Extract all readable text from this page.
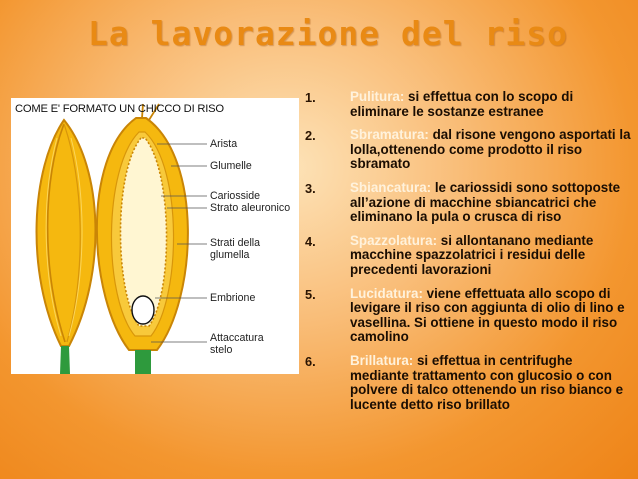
La lavorazione del riso
COME E' FORMATO UN CHICCO DI RISO
Arista
Glumelle
Cariosside
Strato aleuronico
Strati della
glumella
Embrione
Attaccatura
stelo
1.	Pulitura: si effettua con lo scopo di eliminare le sostanze estranee
2.	Sbramatura: dal risone vengono asportati la lolla,ottenendo come prodotto il riso sbramato
3.	Sbiancatura: le cariossidi sono sottoposte all’azione di macchine sbiancatrici che eliminano la pula o crusca di riso
4.	Spazzolatura: si allontanano mediante macchine spazzolatrici i residui delle precedenti lavorazioni
5.	Lucidatura: viene effettuata allo scopo di levigare il riso con aggiunta di olio di lino e vasellina. Si ottiene in questo modo il riso camolino
6.	Brillatura: si effettua in centrifughe mediante trattamento con glucosio o con polvere di talco ottenendo un riso bianco e lucente detto riso brillato
